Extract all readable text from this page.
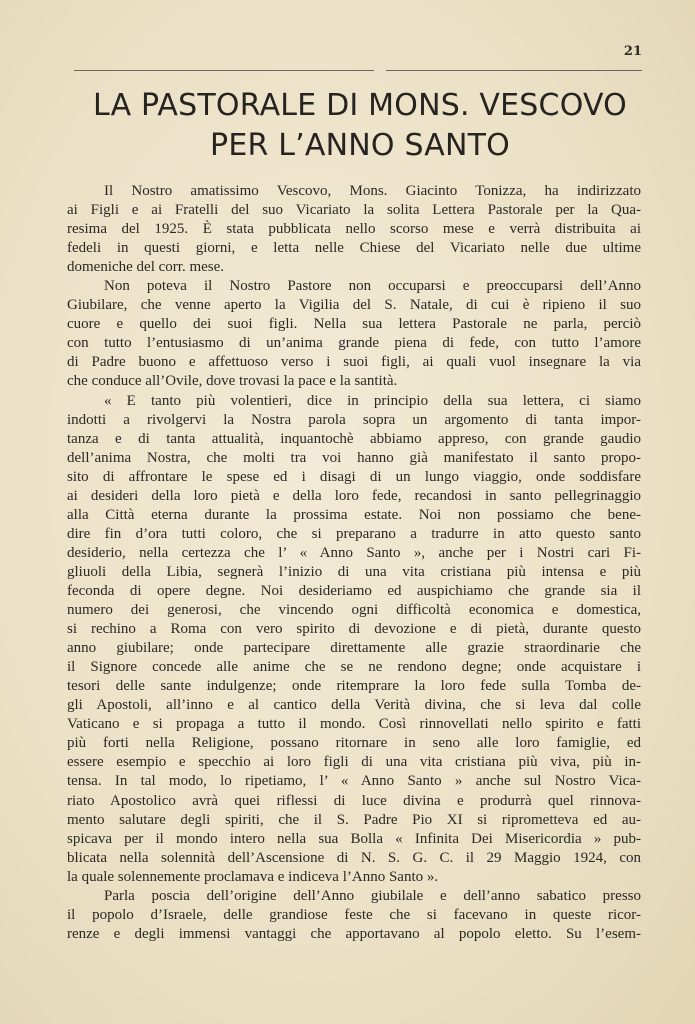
21
LA PASTORALE DI MONS. VESCOVO
PER L’ANNO SANTO
Il Nostro amatissimo Vescovo, Mons. Giacinto Tonizza, ha indirizzato
ai Figli e ai Fratelli del suo Vicariato la solita Lettera Pastorale per la Qua-
resima del 1925. È stata pubblicata nello scorso mese e verrà distribuita ai
fedeli in questi giorni, e letta nelle Chiese del Vicariato nelle due ultime
domeniche del corr. mese.
Non poteva il Nostro Pastore non occuparsi e preoccuparsi dell’Anno
Giubilare, che venne aperto la Vigilia del S. Natale, di cui è ripieno il suo
cuore e quello dei suoi figli. Nella sua lettera Pastorale ne parla, perciò
con tutto l’entusiasmo di un’anima grande piena di fede, con tutto l’amore
di Padre buono e affettuoso verso i suoi figli, ai quali vuol insegnare la via
che conduce all’Ovile, dove trovasi la pace e la santità.
« E tanto più volentieri, dice in principio della sua lettera, ci siamo
indotti a rivolgervi la Nostra parola sopra un argomento di tanta impor-
tanza e di tanta attualità, inquantochè abbiamo appreso, con grande gaudio
dell’anima Nostra, che molti tra voi hanno già manifestato il santo propo-
sito di affrontare le spese ed i disagi di un lungo viaggio, onde soddisfare
ai desideri della loro pietà e della loro fede, recandosi in santo pellegrinaggio
alla Città eterna durante la prossima estate. Noi non possiamo che bene-
dire fin d’ora tutti coloro, che si preparano a tradurre in atto questo santo
desiderio, nella certezza che l’ « Anno Santo », anche per i Nostri cari Fi-
gliuoli della Libia, segnerà l’inizio di una vita cristiana più intensa e più
feconda di opere degne. Noi desideriamo ed auspichiamo che grande sia il
numero dei generosi, che vincendo ogni difficoltà economica e domestica,
si rechino a Roma con vero spirito di devozione e di pietà, durante questo
anno giubilare; onde partecipare direttamente alle grazie straordinarie che
il Signore concede alle anime che se ne rendono degne; onde acquistare i
tesori delle sante indulgenze; onde ritemprare la loro fede sulla Tomba de-
gli Apostoli, all’inno e al cantico della Verità divina, che si leva dal colle
Vaticano e si propaga a tutto il mondo. Così rinnovellati nello spirito e fatti
più forti nella Religione, possano ritornare in seno alle loro famiglie, ed
essere esempio e specchio ai loro figli di una vita cristiana più viva, più in-
tensa. In tal modo, lo ripetiamo, l’ « Anno Santo » anche sul Nostro Vica-
riato Apostolico avrà quei riflessi di luce divina e produrrà quel rinnova-
mento salutare degli spiriti, che il S. Padre Pio XI si riprometteva ed au-
spicava per il mondo intero nella sua Bolla « Infinita Dei Misericordia » pub-
blicata nella solennità dell’Ascensione di N. S. G. C. il 29 Maggio 1924, con
la quale solennemente proclamava e indiceva l’Anno Santo ».
Parla poscia dell’origine dell’Anno giubilale e dell’anno sabatico presso
il popolo d’Israele, delle grandiose feste che si facevano in queste ricor-
renze e degli immensi vantaggi che apportavano al popolo eletto. Su l’esem-
